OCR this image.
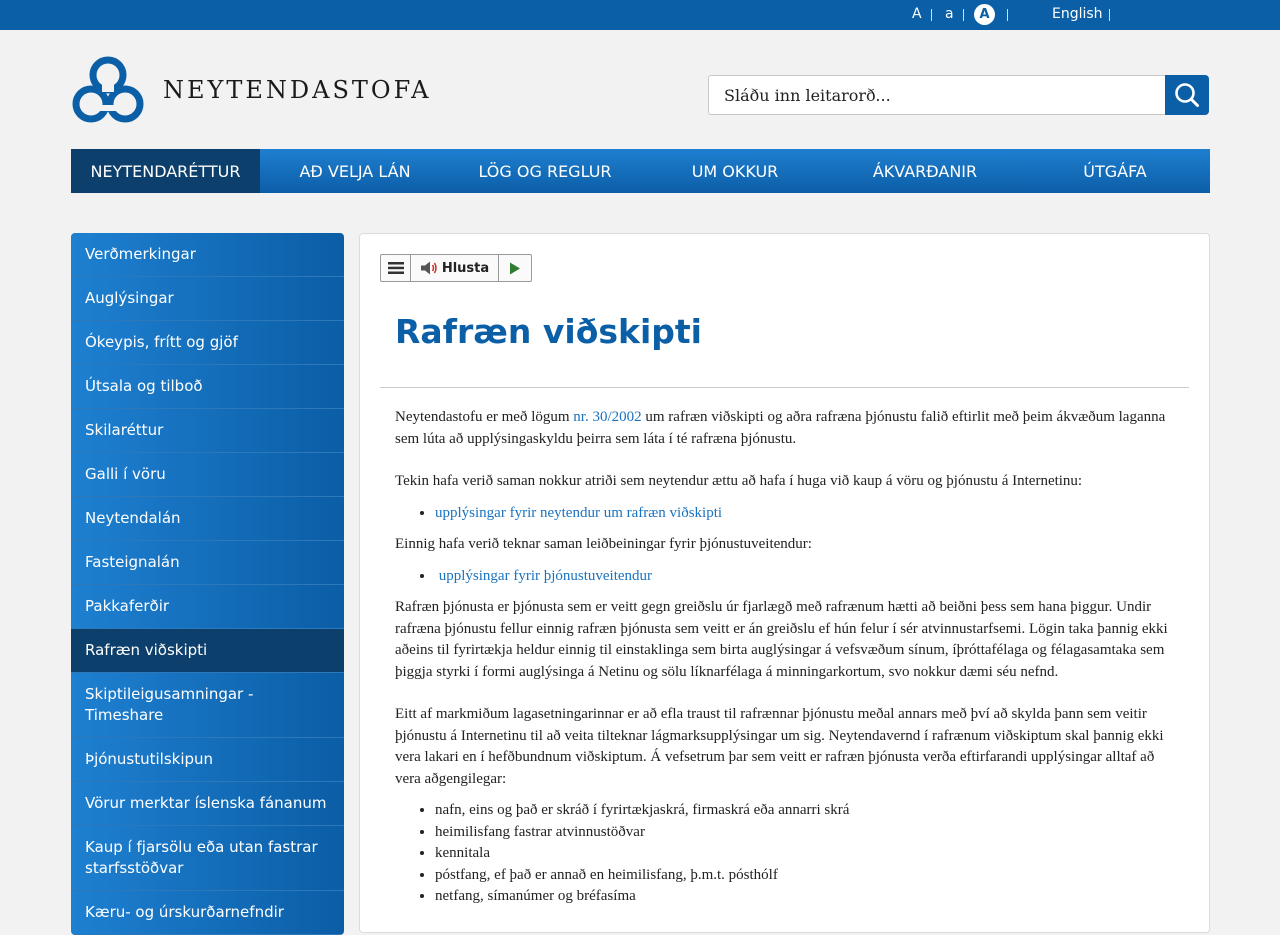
A a	A	English
NEYTENDASTOFA
Sláðu inn leitarorð...
NEYTENDARÉTTUR	AÐ VELJA LÁN	LÖG OG REGLUR	UM OKKUR	ÁKVARÐANIR	ÚTGÁFA
Verðmerkingar
Auglýsingar
Ókeypis, frítt og gjöf
Útsala og tilboð
Skilaréttur
Galli í vöru
Neytendalán
Fasteignalán
Pakkaferðir
Rafræn viðskipti
Skiptileigusamningar - Timeshare
Þjónustutilskipun
Vörur merktar íslenska fánanum
Kaup í fjarsölu eða utan fastrar starfsstöðvar
Kæru- og úrskurðarnefndir
Hlusta
Rafræn viðskipti

Neytendastofu er með lögum nr. 30/2002 um rafræn viðskipti og aðra rafræna þjónustu falið eftirlit með þeim ákvæðum laganna sem lúta að upplýsingaskyldu þeirra sem láta í té rafræna þjónustu.

Tekin hafa verið saman nokkur atriði sem neytendur ættu að hafa í huga við kaup á vöru og þjónustu á Internetinu:

• upplýsingar fyrir neytendur um rafræn viðskipti

Einnig hafa verið teknar saman leiðbeiningar fyrir þjónustuveitendur:

• upplýsingar fyrir þjónustuveitendur

Rafræn þjónusta er þjónusta sem er veitt gegn greiðslu úr fjarlægð með rafrænum hætti að beiðni þess sem hana þiggur. Undir rafræna þjónustu fellur einnig rafræn þjónusta sem veitt er án greiðslu ef hún felur í sér atvinnustarfsemi. Lögin taka þannig ekki aðeins til fyrirtækja heldur einnig til einstaklinga sem birta auglýsingar á vefsvæðum sínum, íþróttafélaga og félagasamtaka sem þiggja styrki í formi auglýsinga á Netinu og sölu líknarfélaga á minningarkortum, svo nokkur dæmi séu nefnd.

Eitt af markmiðum lagasetningarinnar er að efla traust til rafrænnar þjónustu meðal annars með því að skylda þann sem veitir þjónustu á Internetinu til að veita tilteknar lágmarksupplýsingar um sig. Neytendavernd í rafrænum viðskiptum skal þannig ekki vera lakari en í hefðbundnum viðskiptum. Á vefsetrum þar sem veitt er rafræn þjónusta verða eftirfarandi upplýsingar alltaf að vera aðgengilegar:

• nafn, eins og það er skráð í fyrirtækjaskrá, firmaskrá eða annarri skrá
• heimilisfang fastrar atvinnustöðvar
• kennitala
• póstfang, ef það er annað en heimilisfang, þ.m.t. pósthólf
• netfang, símanúmer og bréfasíma
